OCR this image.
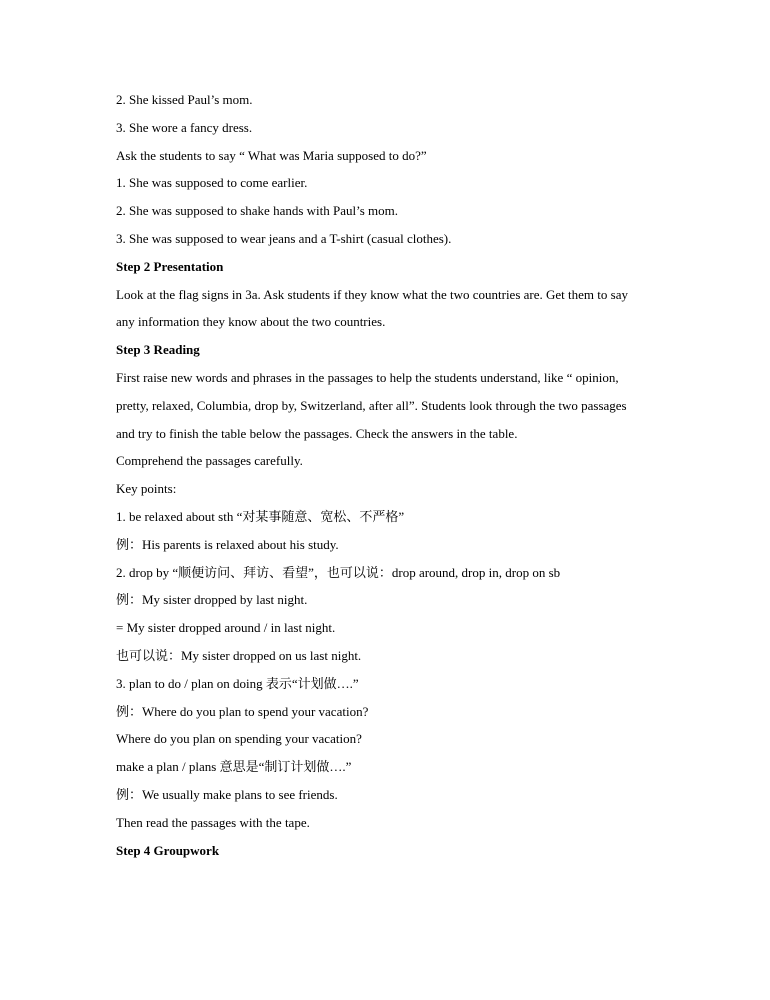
2. She kissed Paul’s mom.
3. She wore a fancy dress.
Ask the students to say “ What was Maria supposed to do?”
1. She was supposed to come earlier.
2. She was supposed to shake hands with Paul’s mom.
3. She was supposed to wear jeans and a T-shirt (casual clothes).
Step 2 Presentation
Look at the flag signs in 3a. Ask students if they know what the two countries are. Get them to say
any information they know about the two countries.
Step 3 Reading
First raise new words and phrases in the passages to help the students understand, like “ opinion,
pretty, relaxed, Columbia, drop by, Switzerland, after all”. Students look through the two passages
and try to finish the table below the passages. Check the answers in the table.
Comprehend the passages carefully.
Key points:
1. be relaxed about sth “对某事随意、宽松、不严格”
例：His parents is relaxed about his study.
2. drop by “顺便访问、拜访、看望”，也可以说：drop around, drop in, drop on sb
例：My sister dropped by last night.
= My sister dropped around / in last night.
也可以说：My sister dropped on us last night.
3. plan to do / plan on doing 表示“计划做….”
例：Where do you plan to spend your vacation?
Where do you plan on spending your vacation?
make a plan / plans 意思是“制订计划做….”
例：We usually make plans to see friends.
Then read the passages with the tape.
Step 4 Groupwork
